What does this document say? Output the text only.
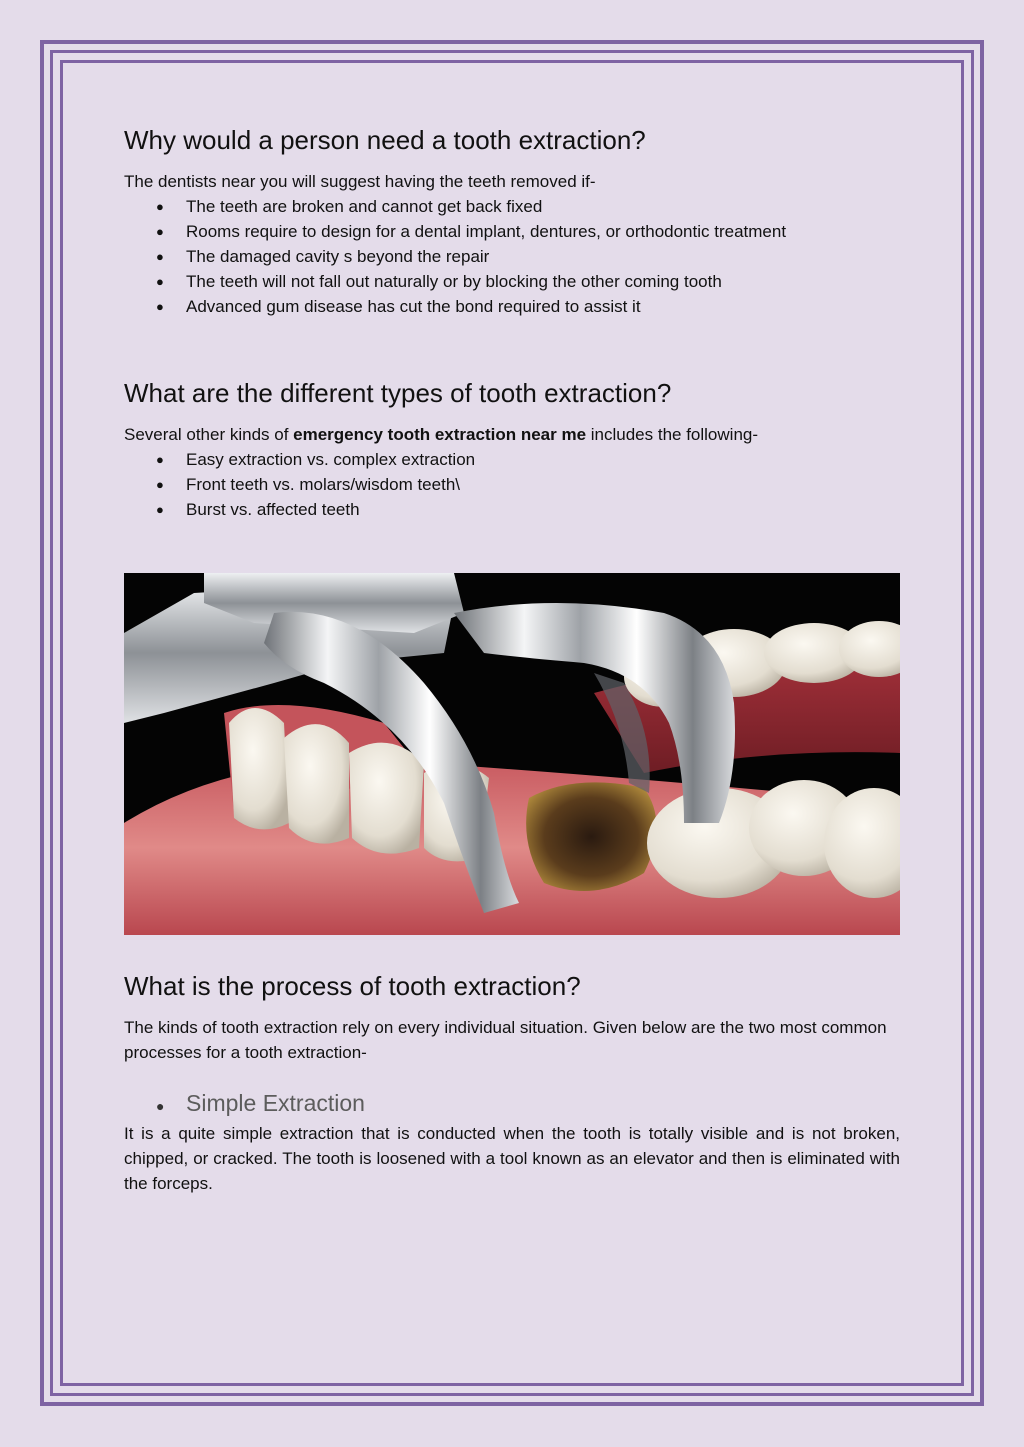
Why would a person need a tooth extraction?

The dentists near you will suggest having the teeth removed if-

● The teeth are broken and cannot get back fixed
● Rooms require to design for a dental implant, dentures, or orthodontic treatment
● The damaged cavity s beyond the repair
● The teeth will not fall out naturally or by blocking the other coming tooth
● Advanced gum disease has cut the bond required to assist it
What are the different types of tooth extraction?

Several other kinds of emergency tooth extraction near me includes the following-

● Easy extraction vs. complex extraction
● Front teeth vs. molars/wisdom teeth\
● Burst vs. affected teeth
What is the process of tooth extraction?

The kinds of tooth extraction rely on every individual situation. Given below are the two most common processes for a tooth extraction-

● Simple Extraction

It is a quite simple extraction that is conducted when the tooth is totally visible and is not broken, chipped, or cracked. The tooth is loosened with a tool known as an elevator and then is eliminated with the forceps.
